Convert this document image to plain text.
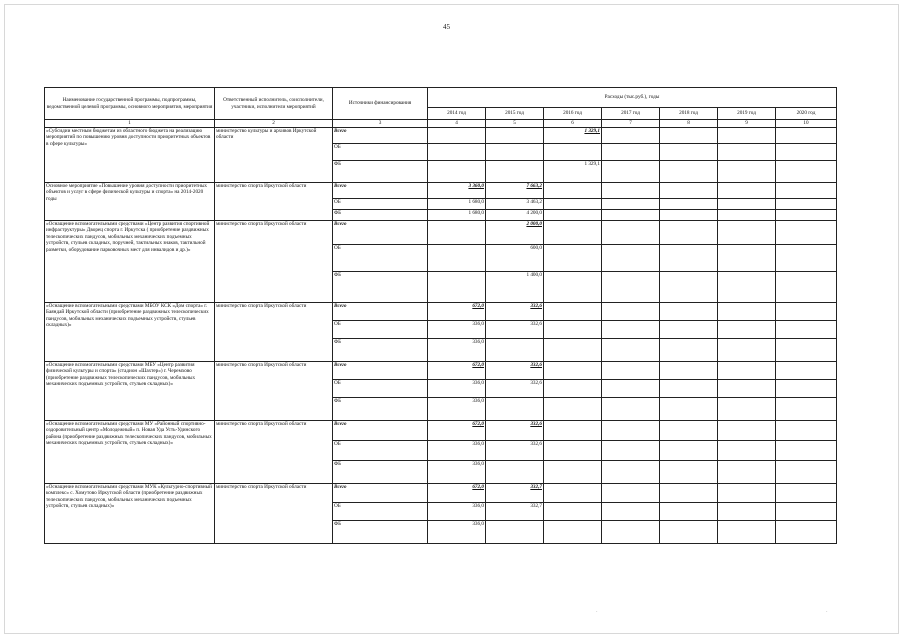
45
Наименование государственной программы, подпрограммы, ведомственной целевой программы, основного мероприятия, мероприятия	Ответственный исполнитель, соисполнители, участники, исполнители мероприятий	Источники финансирования	Расходы (тыс.руб.), годы						
			2014 год	2015 год	2016 год	2017 год	2018 год	2019 год	2020 год
1	2	3	4	5	6	7	8	9	10
«Субсидии местным бюджетам из областного бюджета на реализацию мероприятий по повышению уровня доступности приоритетных объектов в сфере культуры»	министерство культуры и архивов Иркутской области	Всего			1 329,1				
		ОБ							
		ФБ			1 329,1				
Основное мероприятие «Повышение уровня доступности приоритетных объектов и услуг в сфере физической культуры и спорта» на 2014-2020 годы	министерство спорта Иркутской области	Всего	3 360,0	7 663,2					
		ОБ	1 680,0	3 463,2					
		ФБ	1 680,0	4 200,0					
«Оснащение вспомогательными средствами «Центр развития спортивной инфраструктуры» Дворец спорта г. Иркутска ( приобретение раздвижных телескопических пандусов, мобильных механических подъемных устройств, стульев складных, поручней, тактильных знаков, тактильной разметки, оборудование парковочных мест для инвалидов и др.)»	министерство спорта Иркутской области	Всего		2 000,0					
		ОБ		600,0					
		ФБ		1 400,0					
«Оснащение вспомогательными средствами МБОУ КСК «Дом спорта» г. Баяндай Иркутской области (приобретение раздвижных телескопических пандусов, мобильных механических подъемных устройств, стульев складных)»	министерство спорта Иркутской области	Всего	672,0	332,6					
		ОБ	336,0	332,6					
		ФБ	336,0						
«Оснащение вспомогательными средствами МБУ «Центр развития физической культуры и спорта» (стадион «Шахтер») г. Черемхово (приобретение раздвижных телескопических пандусов, мобильных механических подъемных устройств, стульев складных)»	министерство спорта Иркутской области	Всего	672,0	332,6					
		ОБ	336,0	332,6					
		ФБ	336,0						
«Оснащение вспомогательными средствами МУ «Районный спортивно-оздоровительный центр «Молодежный» п. Новая Уда Усть-Удинского района (приобретение раздвижных телескопических пандусов, мобильных механических подъемных устройств, стульев складных)»	министерство спорта Иркутской области	Всего	672,0	332,6					
		ОБ	336,0	332,6					
		ФБ	336,0						
«Оснащение вспомогательными средствами МУК «Культурно-спортивный комплекс» с. Хомутово Иркутской области (приобретение раздвижных телескопических пандусов, мобильных механических подъемных устройств, стульев складных)»	министерство спорта Иркутской области	Всего	672,0	332,7					
		ОБ	336,0	332,7					
		ФБ	336,0						
·	·
